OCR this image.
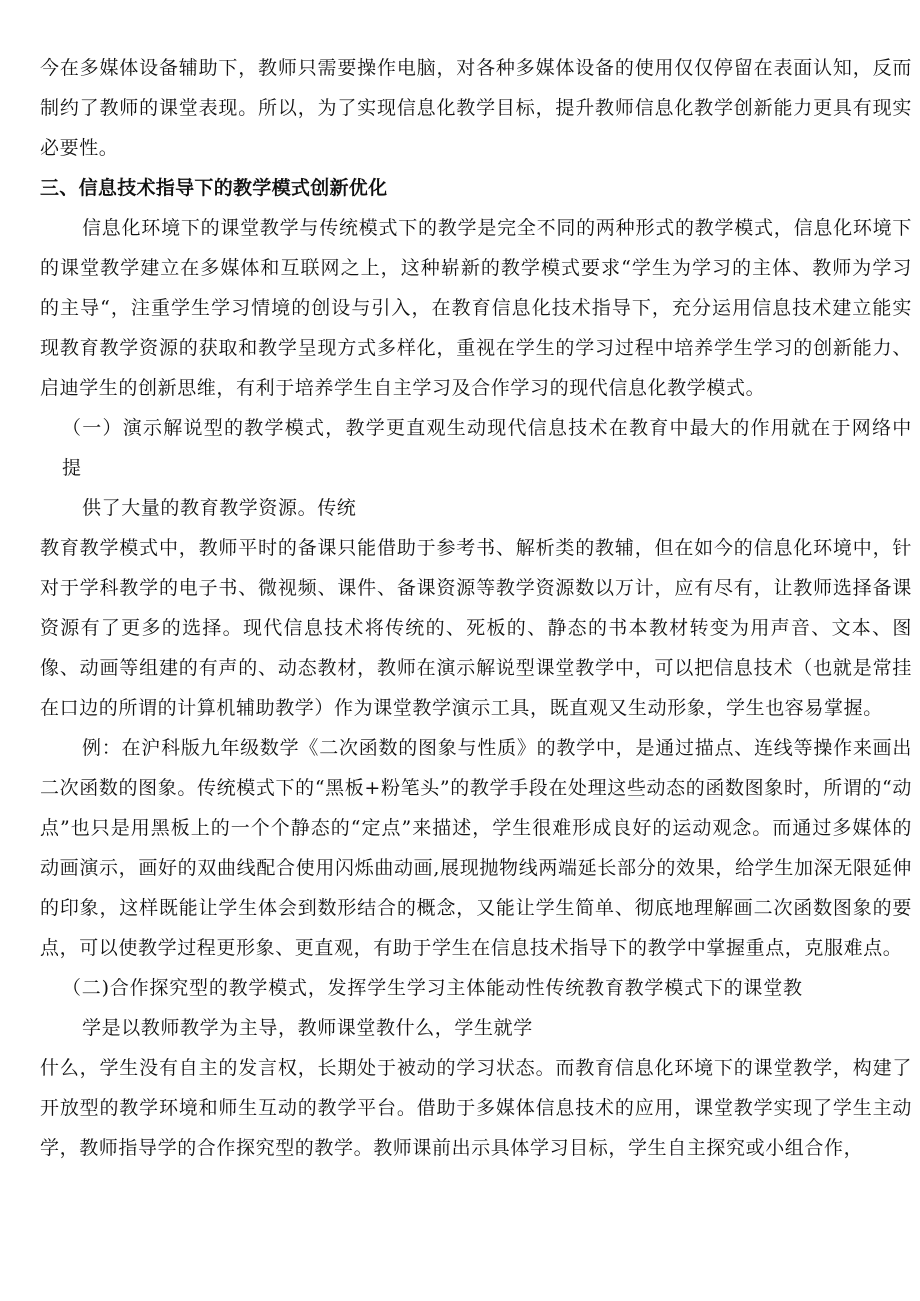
今在多媒体设备辅助下，教师只需要操作电脑，对各种多媒体设备的使用仅仅停留在表面认知，反而制约了教师的课堂表现。所以，为了实现信息化教学目标，提升教师信息化教学创新能力更具有现实必要性。

三、信息技术指导下的教学模式创新优化

信息化环境下的课堂教学与传统模式下的教学是完全不同的两种形式的教学模式，信息化环境下的课堂教学建立在多媒体和互联网之上，这种崭新的教学模式要求“学生为学习的主体、教师为学习的主导“，注重学生学习情境的创设与引入，在教育信息化技术指导下，充分运用信息技术建立能实现教育教学资源的获取和教学呈现方式多样化，重视在学生的学习过程中培养学生学习的创新能力、启迪学生的创新思维，有利于培养学生自主学习及合作学习的现代信息化教学模式。

（一）演示解说型的教学模式，教学更直观生动现代信息技术在教育中最大的作用就在于网络中提

供了大量的教育教学资源。传统

教育教学模式中，教师平时的备课只能借助于参考书、解析类的教辅，但在如今的信息化环境中，针对于学科教学的电子书、微视频、课件、备课资源等教学资源数以万计，应有尽有，让教师选择备课资源有了更多的选择。现代信息技术将传统的、死板的、静态的书本教材转变为用声音、文本、图像、动画等组建的有声的、动态教材，教师在演示解说型课堂教学中，可以把信息技术（也就是常挂在口边的所谓的计算机辅助教学）作为课堂教学演示工具，既直观又生动形象，学生也容易掌握。

例：在沪科版九年级数学《二次函数的图象与性质》的教学中，是通过描点、连线等操作来画出二次函数的图象。传统模式下的“黑板+粉笔头”的教学手段在处理这些动态的函数图象时，所谓的“动点”也只是用黑板上的一个个静态的“定点”来描述，学生很难形成良好的运动观念。而通过多媒体的动画演示，画好的双曲线配合使用闪烁曲动画,展现抛物线两端延长部分的效果，给学生加深无限延伸的印象，这样既能让学生体会到数形结合的概念，又能让学生简单、彻底地理解画二次函数图象的要点，可以使教学过程更形象、更直观，有助于学生在信息技术指导下的教学中掌握重点，克服难点。

（二)合作探究型的教学模式，发挥学生学习主体能动性传统教育教学模式下的课堂教

学是以教师教学为主导，教师课堂教什么，学生就学

什么，学生没有自主的发言权，长期处于被动的学习状态。而教育信息化环境下的课堂教学，构建了开放型的教学环境和师生互动的教学平台。借助于多媒体信息技术的应用，课堂教学实现了学生主动学，教师指导学的合作探究型的教学。教师课前出示具体学习目标，学生自主探究或小组合作，
